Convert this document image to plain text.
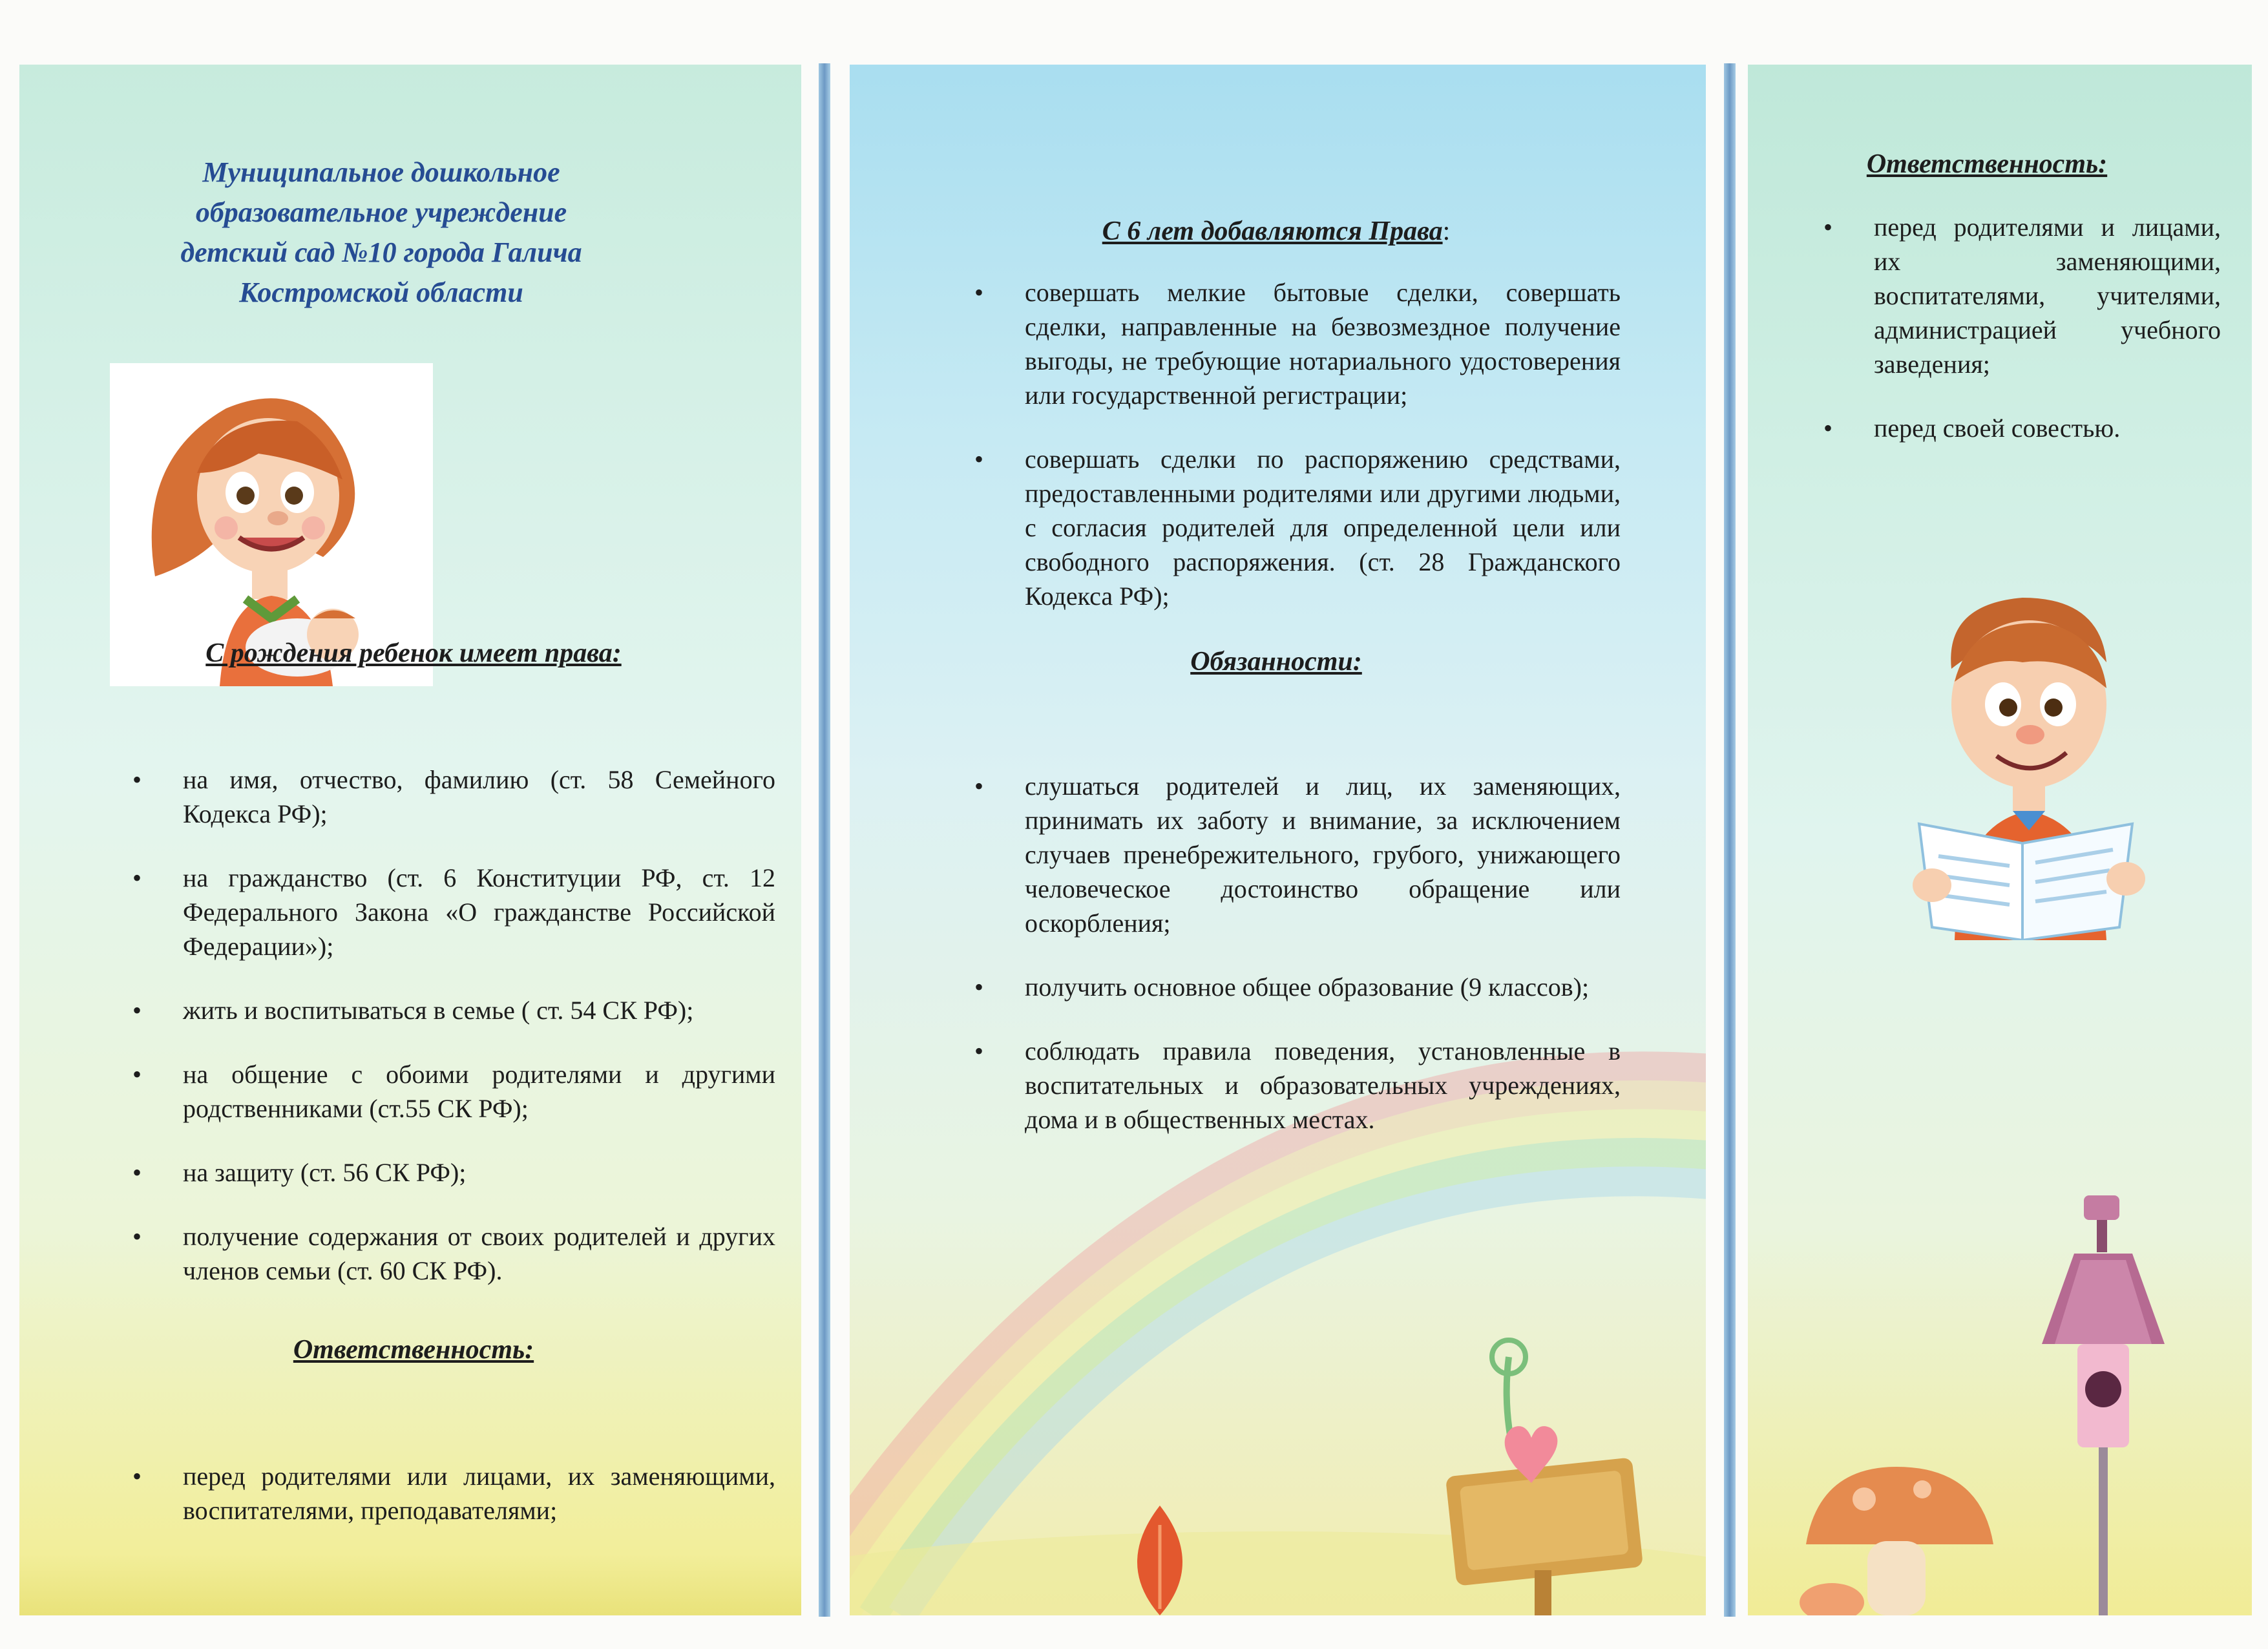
Муниципальное дошкольное образовательное учреждение детский сад №10 города Галича Костромской области

С рождения ребенок имеет права:
• на имя, отчество, фамилию (ст. 58 Семейного Кодекса РФ);
• на гражданство (ст. 6 Конституции РФ, ст. 12 Федерального Закона «О гражданстве Российской Федерации»);
• жить и воспитываться в семье ( ст. 54 СК РФ);
• на общение с обоими родителями и другими родственниками (ст.55 СК РФ);
• на защиту (ст. 56 СК РФ);
• получение содержания от своих родителей и других членов семьи (ст. 60 СК РФ).
Ответственность:
• перед родителями или лицами, их заменяющими, воспитателями, преподавателями;
С 6 лет добавляются Права:
• совершать мелкие бытовые сделки, совершать сделки, направленные на безвозмездное получение выгоды, не требующие нотариального удостоверения или государственной регистрации;
• совершать сделки по распоряжению средствами, предоставленными родителями или другими людьми, с согласия родителей для определенной цели или свободного распоряжения. (ст. 28 Гражданского Кодекса РФ);
Обязанности:
• слушаться родителей и лиц, их заменяющих, принимать их заботу и внимание, за исключением случаев пренебрежительного, грубого, унижающего человеческое достоинство обращение или оскорбления;
• получить основное общее образование (9 классов);
• соблюдать правила поведения, установленные в воспитательных и образовательных учреждениях, дома и в общественных местах.
Ответственность:
• перед родителями и лицами, их заменяющими, воспитателями, учителями, администрацией учебного заведения;
• перед своей совестью.
